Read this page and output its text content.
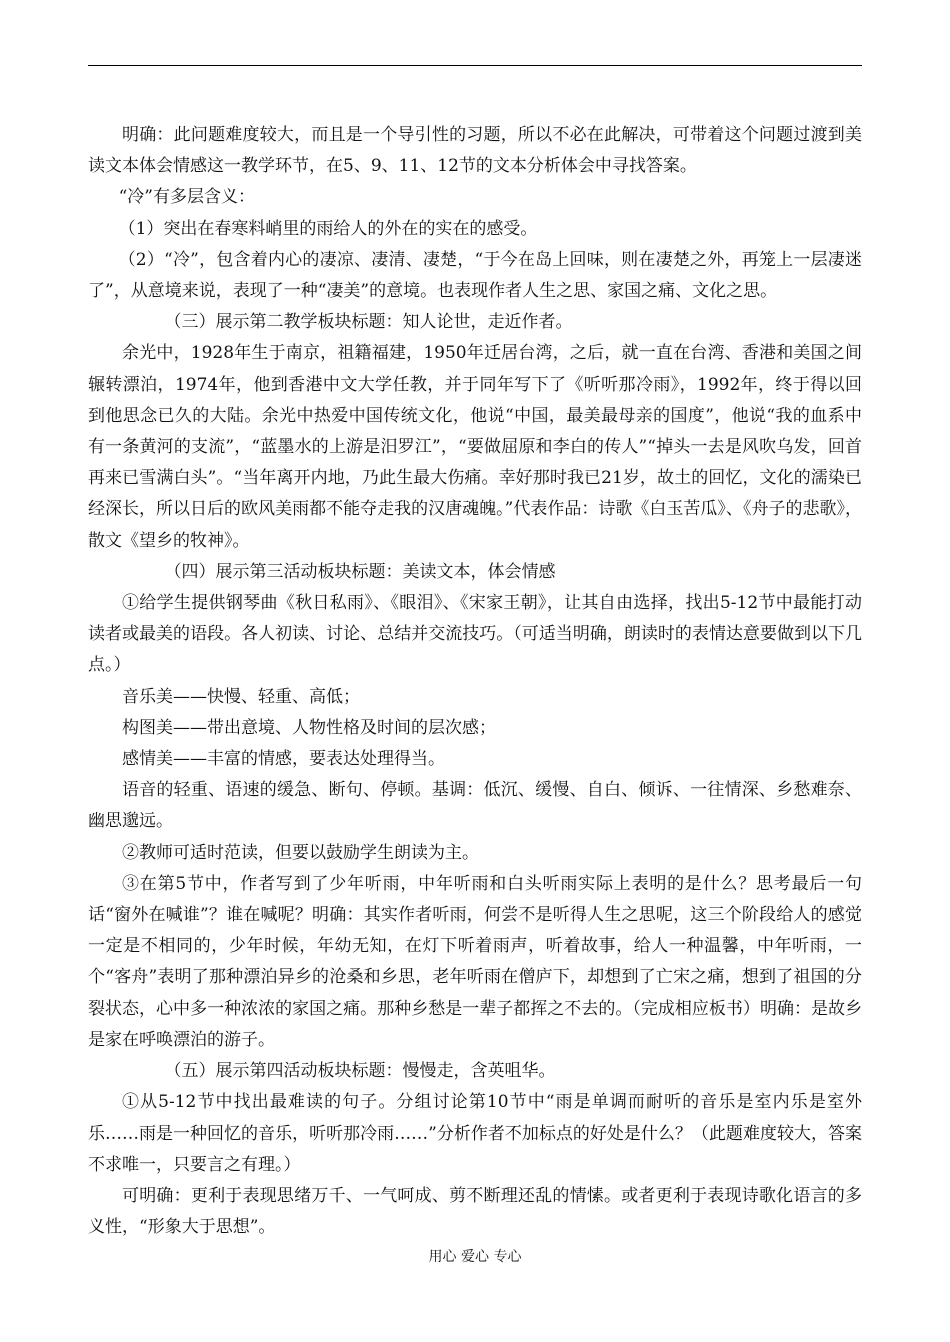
明确：此问题难度较大，而且是一个导引性的习题，所以不必在此解决，可带着这个问题过渡到美读文本体会情感这一教学环节，在5、9、11、12节的文本分析体会中寻找答案。

“冷”有多层含义：

（1）突出在春寒料峭里的雨给人的外在的实在的感受。

（2）“冷”，包含着内心的凄凉、凄清、凄楚，“于今在岛上回味，则在凄楚之外，再笼上一层凄迷了”，从意境来说，表现了一种“凄美”的意境。也表现作者人生之思、家国之痛、文化之思。

（三）展示第二教学板块标题：知人论世，走近作者。

余光中，1928年生于南京，祖籍福建，1950年迁居台湾，之后，就一直在台湾、香港和美国之间辗转漂泊，1974年，他到香港中文大学任教，并于同年写下了《听听那冷雨》，1992年，终于得以回到他思念已久的大陆。余光中热爱中国传统文化，他说“中国，最美最母亲的国度”，他说“我的血系中有一条黄河的支流”，“蓝墨水的上游是汨罗江”，“要做屈原和李白的传人”“掉头一去是风吹乌发，回首再来已雪满白头”。“当年离开内地，乃此生最大伤痛。幸好那时我已21岁，故土的回忆，文化的濡染已经深长，所以日后的欧风美雨都不能夺走我的汉唐魂魄。”代表作品：诗歌《白玉苦瓜》、《舟子的悲歌》，散文《望乡的牧神》。

（四）展示第三活动板块标题：美读文本，体会情感

①给学生提供钢琴曲《秋日私雨》、《眼泪》、《宋家王朝》，让其自由选择，找出5-12节中最能打动读者或最美的语段。各人初读、讨论、总结并交流技巧。（可适当明确，朗读时的表情达意要做到以下几点。）

音乐美——快慢、轻重、高低；

构图美——带出意境、人物性格及时间的层次感；

感情美——丰富的情感，要表达处理得当。

语音的轻重、语速的缓急、断句、停顿。基调：低沉、缓慢、自白、倾诉、一往情深、乡愁难奈、幽思邈远。

②教师可适时范读，但要以鼓励学生朗读为主。

③在第5节中，作者写到了少年听雨，中年听雨和白头听雨实际上表明的是什么？思考最后一句话“窗外在喊谁”？谁在喊呢？明确：其实作者听雨，何尝不是听得人生之思呢，这三个阶段给人的感觉一定是不相同的，少年时候，年幼无知，在灯下听着雨声，听着故事，给人一种温馨，中年听雨，一个“客舟”表明了那种漂泊异乡的沧桑和乡思，老年听雨在僧庐下，却想到了亡宋之痛，想到了祖国的分裂状态，心中多一种浓浓的家国之痛。那种乡愁是一辈子都挥之不去的。（完成相应板书）明确：是故乡是家在呼唤漂泊的游子。

（五）展示第四活动板块标题：慢慢走，含英咀华。

①从5-12节中找出最难读的句子。分组讨论第10节中“雨是单调而耐听的音乐是室内乐是室外乐……雨是一种回忆的音乐，听听那冷雨……”分析作者不加标点的好处是什么？（此题难度较大，答案不求唯一，只要言之有理。）

可明确：更利于表现思绪万千、一气呵成、剪不断理还乱的情愫。或者更利于表现诗歌化语言的多义性，“形象大于思想”。

用心 爱心 专心
